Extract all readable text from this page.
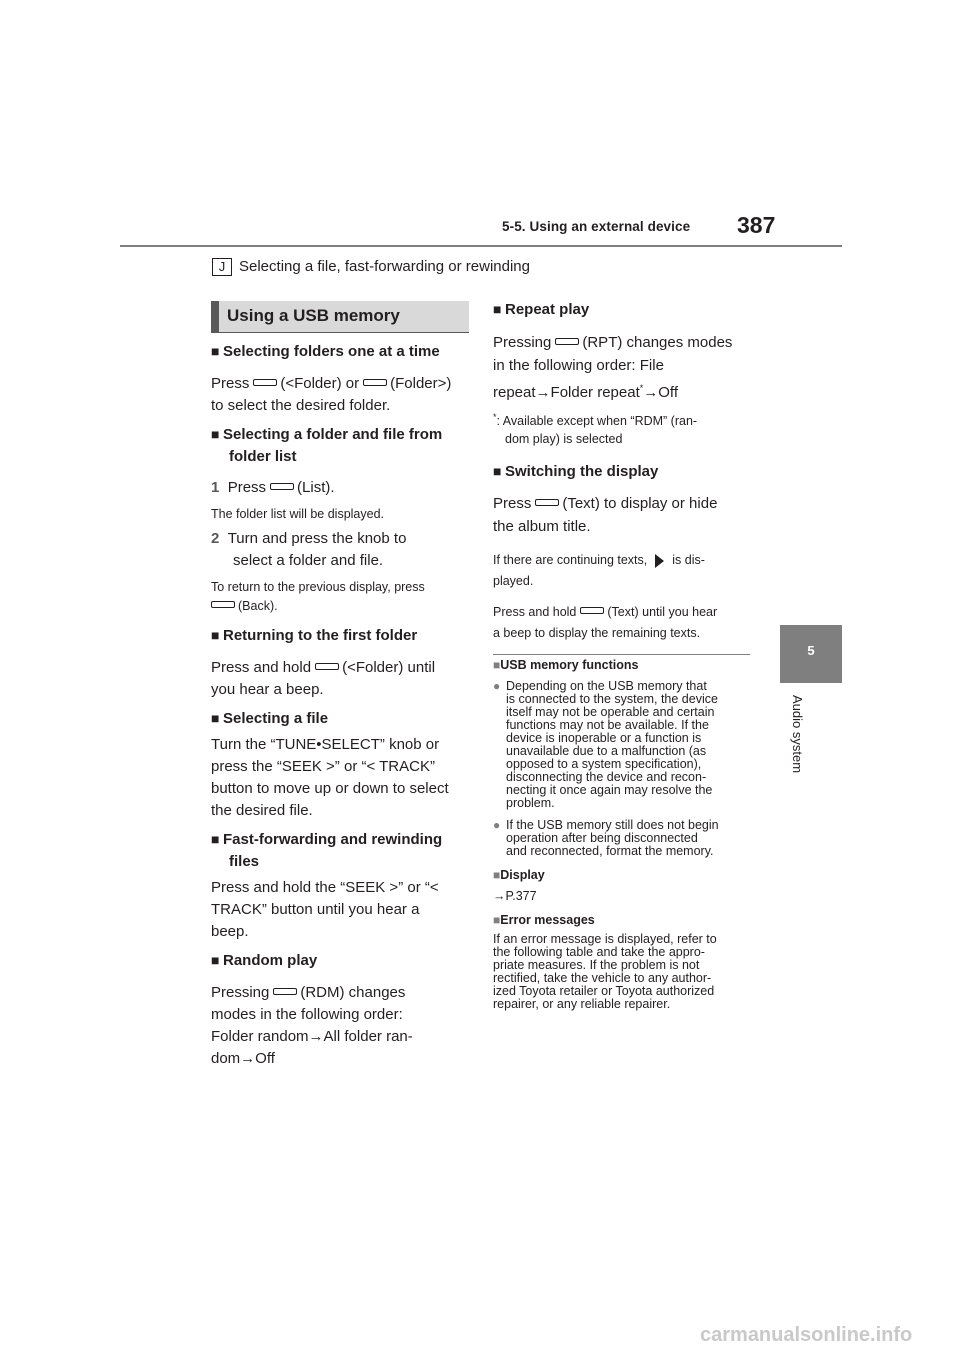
5-5. Using an external device 387
5
Audio system
J Selecting a file, fast-forwarding or rewinding
Using a USB memory
■ Selecting folders one at a time
Press (<Folder) or (Folder>)
to select the desired folder.
■ Selecting a folder and file from
folder list
1 Press (List).
The folder list will be displayed.
2 Turn and press the knob to
select a folder and file.
To return to the previous display, press
(Back).
■ Returning to the first folder
Press and hold (<Folder) until
you hear a beep.
■ Selecting a file
Turn the “TUNE•SELECT” knob or
press the “SEEK >” or “< TRACK”
button to move up or down to select
the desired file.
■ Fast-forwarding and rewinding
files
Press and hold the “SEEK >” or “<
TRACK” button until you hear a
beep.
■ Random play
Pressing (RDM) changes
modes in the following order:
Folder random→All folder ran-
dom→Off
■ Repeat play
Pressing (RPT) changes modes
in the following order: File
repeat→Folder repeat*→Off
*: Available except when “RDM” (ran-
dom play) is selected
■ Switching the display
Press (Text) to display or hide
the album title.
If there are continuing texts, is dis-
played.
Press and hold (Text) until you hear
a beep to display the remaining texts.
■USB memory functions
● Depending on the USB memory that
is connected to the system, the device
itself may not be operable and certain
functions may not be available. If the
device is inoperable or a function is
unavailable due to a malfunction (as
opposed to a system specification),
disconnecting the device and recon-
necting it once again may resolve the
problem.
● If the USB memory still does not begin
operation after being disconnected
and reconnected, format the memory.
■Display
→P.377
■Error messages
If an error message is displayed, refer to
the following table and take the appro-
priate measures. If the problem is not
rectified, take the vehicle to any author-
ized Toyota retailer or Toyota authorized
repairer, or any reliable repairer.
carmanualsonline.info
